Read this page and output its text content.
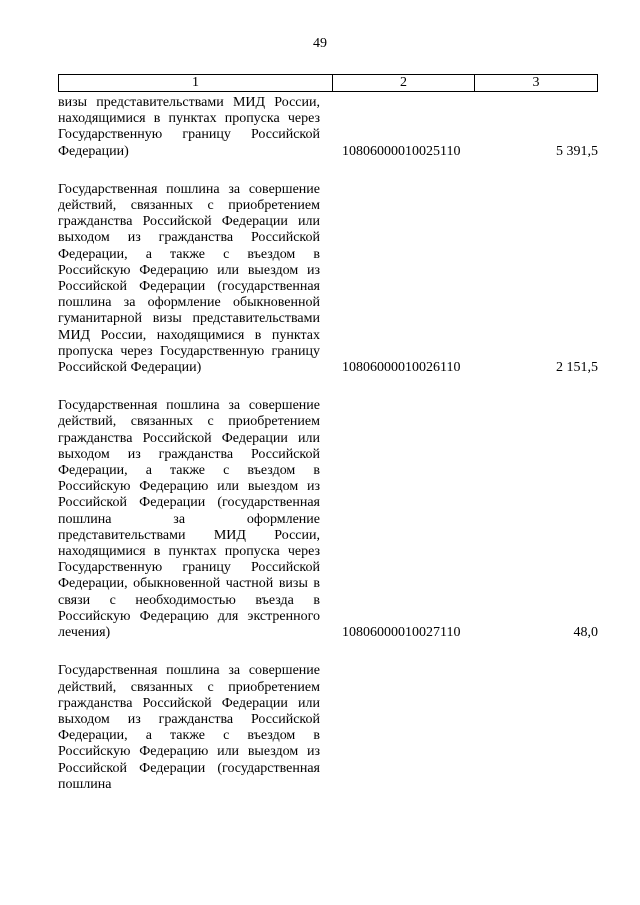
49
1	2	3
визы представительствами МИД России, находящимися в пунктах пропуска через Государственную границу Российской Федерации)	10806000010025110	5 391,5
Государственная пошлина за совершение действий, связанных с приобретением гражданства Российской Федерации или выходом из гражданства Российской Федерации, а также с въездом в Российскую Федерацию или выездом из Российской Федерации (государственная пошлина за оформление обыкновенной гуманитарной визы представительствами МИД России, находящимися в пунктах пропуска через Государственную границу Российской Федерации)	10806000010026110	2 151,5
Государственная пошлина за совершение действий, связанных с приобретением гражданства Российской Федерации или выходом из гражданства Российской Федерации, а также с въездом в Российскую Федерацию или выездом из Российской Федерации (государственная пошлина за оформление представительствами МИД России, находящимися в пунктах пропуска через Государственную границу Российской Федерации, обыкновенной частной визы в связи с необходимостью въезда в Российскую Федерацию для экстренного лечения)	10806000010027110	48,0
Государственная пошлина за совершение действий, связанных с приобретением гражданства Российской Федерации или выходом из гражданства Российской Федерации, а также с въездом в Российскую Федерацию или выездом из Российской Федерации (государственная пошлина
